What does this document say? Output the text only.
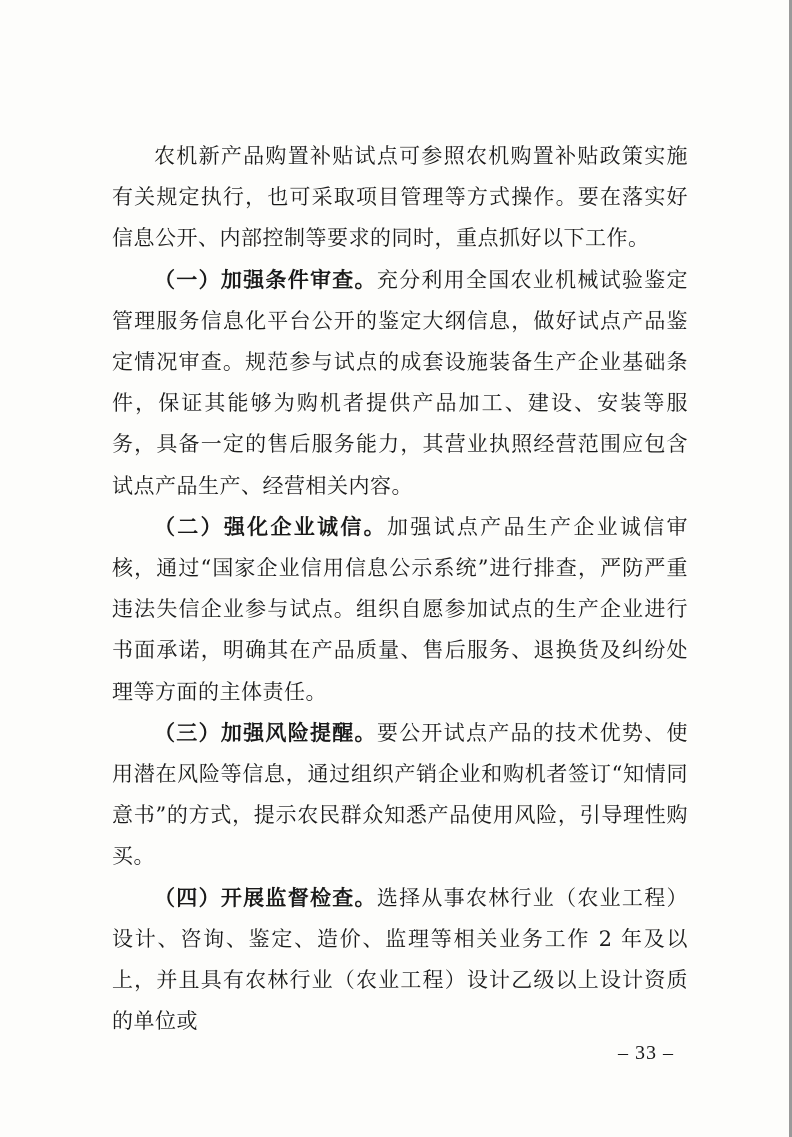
农机新产品购置补贴试点可参照农机购置补贴政策实施有关规定执行，也可采取项目管理等方式操作。要在落实好信息公开、内部控制等要求的同时，重点抓好以下工作。

（一）加强条件审查。充分利用全国农业机械试验鉴定管理服务信息化平台公开的鉴定大纲信息，做好试点产品鉴定情况审查。规范参与试点的成套设施装备生产企业基础条件，保证其能够为购机者提供产品加工、建设、安装等服务，具备一定的售后服务能力，其营业执照经营范围应包含试点产品生产、经营相关内容。

（二）强化企业诚信。加强试点产品生产企业诚信审核，通过“国家企业信用信息公示系统”进行排查，严防严重违法失信企业参与试点。组织自愿参加试点的生产企业进行书面承诺，明确其在产品质量、售后服务、退换货及纠纷处理等方面的主体责任。

（三）加强风险提醒。要公开试点产品的技术优势、使用潜在风险等信息，通过组织产销企业和购机者签订“知情同意书”的方式，提示农民群众知悉产品使用风险，引导理性购买。

（四）开展监督检查。选择从事农林行业（农业工程）设计、咨询、鉴定、造价、监理等相关业务工作 2 年及以上，并且具有农林行业（农业工程）设计乙级以上设计资质的单位或

– 33 –
